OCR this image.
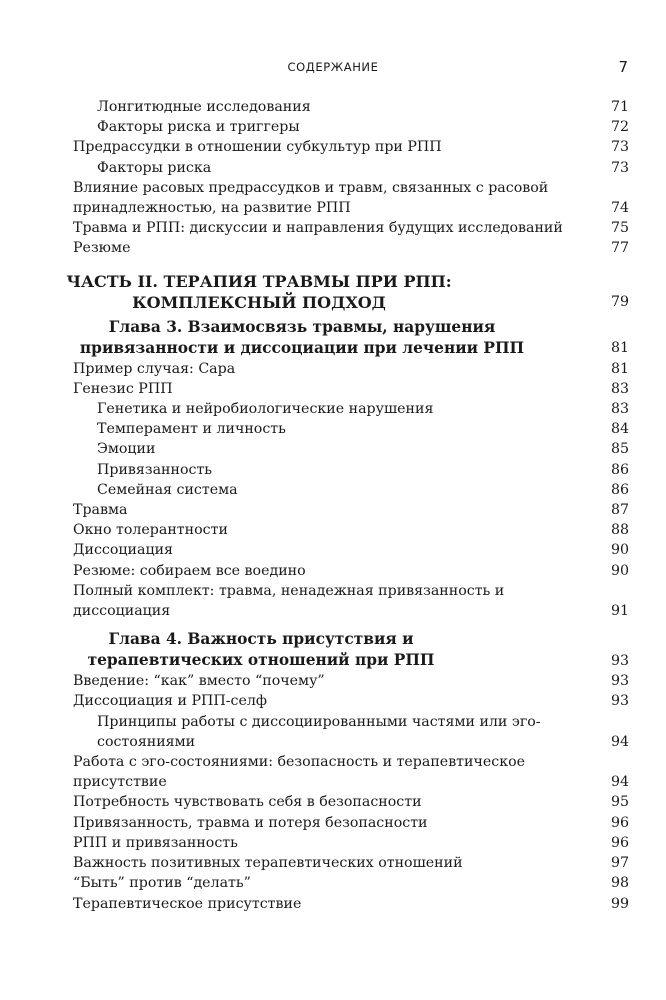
СОДЕРЖАНИЕ	7
Лонгитюдные исследования	71
Факторы риска и триггеры	72
Предрассудки в отношении субкультур при РПП	73
Факторы риска	73
Влияние расовых предрассудков и травм, связанных с расовой принадлежностью, на развитие РПП	74
Травма и РПП: дискуссии и направления будущих исследований	75
Резюме	77
ЧАСТЬ II. ТЕРАПИЯ ТРАВМЫ ПРИ РПП: КОМПЛЕКСНЫЙ ПОДХОД	79
Глава 3. Взаимосвязь травмы, нарушения привязанности и диссоциации при лечении РПП	81
Пример случая: Сара	81
Генезис РПП	83
Генетика и нейробиологические нарушения	83
Темперамент и личность	84
Эмоции	85
Привязанность	86
Семейная система	86
Травма	87
Окно толерантности	88
Диссоциация	90
Резюме: собираем все воедино	90
Полный комплект: травма, ненадежная привязанность и диссоциация	91
Глава 4. Важность присутствия и терапевтических отношений при РПП	93
Введение: “как” вместо “почему”	93
Диссоциация и РПП-селф	93
Принципы работы с диссоциированными частями или эго-состояниями	94
Работа с эго-состояниями: безопасность и терапевтическое присутствие	94
Потребность чувствовать себя в безопасности	95
Привязанность, травма и потеря безопасности	96
РПП и привязанность	96
Важность позитивных терапевтических отношений	97
“Быть” против “делать”	98
Терапевтическое присутствие	99
